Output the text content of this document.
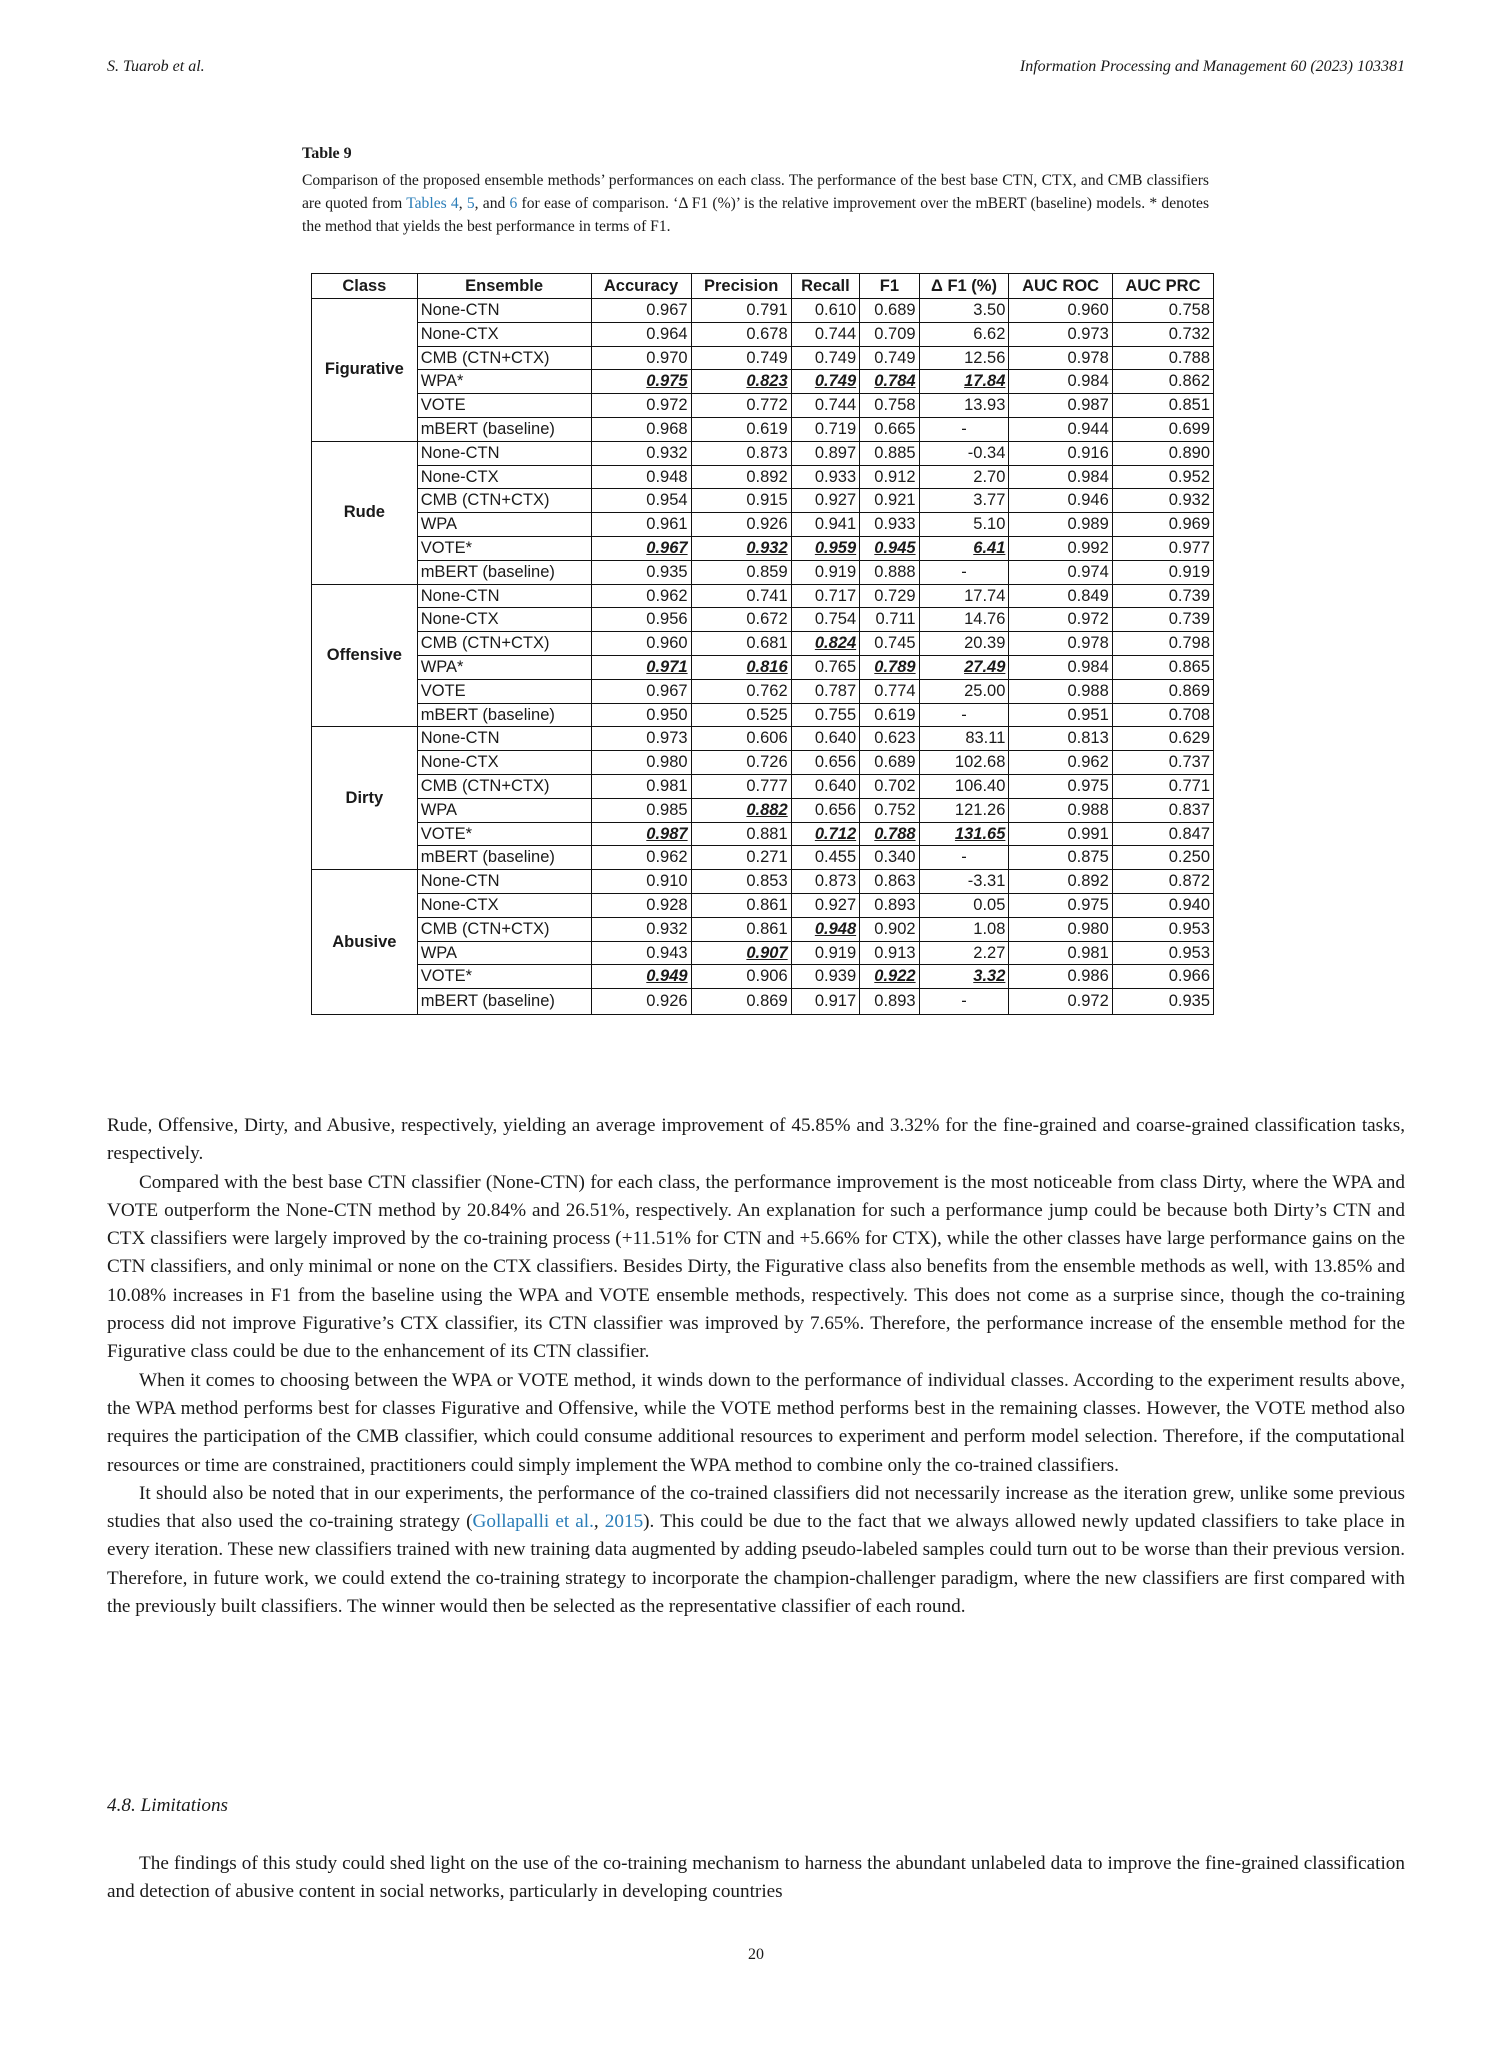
S. Tuarob et al.	Information Processing and Management 60 (2023) 103381
Table 9
Comparison of the proposed ensemble methods’ performances on each class. The performance of the best base CTN, CTX, and CMB classifiers are quoted from Tables 4, 5, and 6 for ease of comparison. ‘Δ F1 (%)’ is the relative improvement over the mBERT (baseline) models. * denotes the method that yields the best performance in terms of F1.
Class	Ensemble	Accuracy	Precision	Recall	F1	Δ F1 (%)	AUC ROC	AUC PRC
Figurative	None-CTN	0.967	0.791	0.610	0.689	3.50	0.960	0.758
	None-CTX	0.964	0.678	0.744	0.709	6.62	0.973	0.732
	CMB (CTN+CTX)	0.970	0.749	0.749	0.749	12.56	0.978	0.788
	WPA*	0.975	0.823	0.749	0.784	17.84	0.984	0.862
	VOTE	0.972	0.772	0.744	0.758	13.93	0.987	0.851
	mBERT (baseline)	0.968	0.619	0.719	0.665	-	0.944	0.699
Rude	None-CTN	0.932	0.873	0.897	0.885	-0.34	0.916	0.890
	None-CTX	0.948	0.892	0.933	0.912	2.70	0.984	0.952
	CMB (CTN+CTX)	0.954	0.915	0.927	0.921	3.77	0.946	0.932
	WPA	0.961	0.926	0.941	0.933	5.10	0.989	0.969
	VOTE*	0.967	0.932	0.959	0.945	6.41	0.992	0.977
	mBERT (baseline)	0.935	0.859	0.919	0.888	-	0.974	0.919
Offensive	None-CTN	0.962	0.741	0.717	0.729	17.74	0.849	0.739
	None-CTX	0.956	0.672	0.754	0.711	14.76	0.972	0.739
	CMB (CTN+CTX)	0.960	0.681	0.824	0.745	20.39	0.978	0.798
	WPA*	0.971	0.816	0.765	0.789	27.49	0.984	0.865
	VOTE	0.967	0.762	0.787	0.774	25.00	0.988	0.869
	mBERT (baseline)	0.950	0.525	0.755	0.619	-	0.951	0.708
Dirty	None-CTN	0.973	0.606	0.640	0.623	83.11	0.813	0.629
	None-CTX	0.980	0.726	0.656	0.689	102.68	0.962	0.737
	CMB (CTN+CTX)	0.981	0.777	0.640	0.702	106.40	0.975	0.771
	WPA	0.985	0.882	0.656	0.752	121.26	0.988	0.837
	VOTE*	0.987	0.881	0.712	0.788	131.65	0.991	0.847
	mBERT (baseline)	0.962	0.271	0.455	0.340	-	0.875	0.250
Abusive	None-CTN	0.910	0.853	0.873	0.863	-3.31	0.892	0.872
	None-CTX	0.928	0.861	0.927	0.893	0.05	0.975	0.940
	CMB (CTN+CTX)	0.932	0.861	0.948	0.902	1.08	0.980	0.953
	WPA	0.943	0.907	0.919	0.913	2.27	0.981	0.953
	VOTE*	0.949	0.906	0.939	0.922	3.32	0.986	0.966
	mBERT (baseline)	0.926	0.869	0.917	0.893	-	0.972	0.935

Rude, Offensive, Dirty, and Abusive, respectively, yielding an average improvement of 45.85% and 3.32% for the fine-grained and coarse-grained classification tasks, respectively.

Compared with the best base CTN classifier (None-CTN) for each class, the performance improvement is the most noticeable from class Dirty, where the WPA and VOTE outperform the None-CTN method by 20.84% and 26.51%, respectively. An explanation for such a performance jump could be because both Dirty’s CTN and CTX classifiers were largely improved by the co-training process (+11.51% for CTN and +5.66% for CTX), while the other classes have large performance gains on the CTN classifiers, and only minimal or none on the CTX classifiers. Besides Dirty, the Figurative class also benefits from the ensemble methods as well, with 13.85% and 10.08% increases in F1 from the baseline using the WPA and VOTE ensemble methods, respectively. This does not come as a surprise since, though the co-training process did not improve Figurative’s CTX classifier, its CTN classifier was improved by 7.65%. Therefore, the performance increase of the ensemble method for the Figurative class could be due to the enhancement of its CTN classifier.

When it comes to choosing between the WPA or VOTE method, it winds down to the performance of individual classes. According to the experiment results above, the WPA method performs best for classes Figurative and Offensive, while the VOTE method performs best in the remaining classes. However, the VOTE method also requires the participation of the CMB classifier, which could consume additional resources to experiment and perform model selection. Therefore, if the computational resources or time are constrained, practitioners could simply implement the WPA method to combine only the co-trained classifiers.

It should also be noted that in our experiments, the performance of the co-trained classifiers did not necessarily increase as the iteration grew, unlike some previous studies that also used the co-training strategy (Gollapalli et al., 2015). This could be due to the fact that we always allowed newly updated classifiers to take place in every iteration. These new classifiers trained with new training data augmented by adding pseudo-labeled samples could turn out to be worse than their previous version. Therefore, in future work, we could extend the co-training strategy to incorporate the champion-challenger paradigm, where the new classifiers are first compared with the previously built classifiers. The winner would then be selected as the representative classifier of each round.

4.8. Limitations

The findings of this study could shed light on the use of the co-training mechanism to harness the abundant unlabeled data to improve the fine-grained classification and detection of abusive content in social networks, particularly in developing countries

20
